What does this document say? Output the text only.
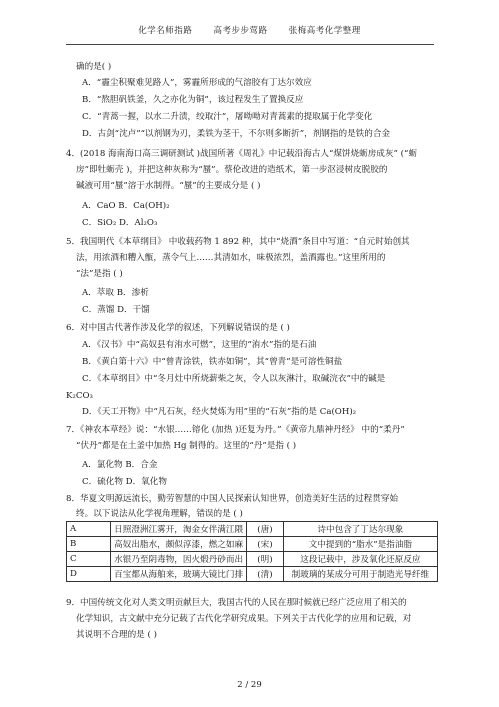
化学名师指路 高考步步莺路 张梅高考化学整理
确的是( )
A．“霾尘积聚难见路人”，雾霾所形成的气溶胶有丁达尔效应
B．“熬胆矾铁釜，久之亦化为铜”，该过程发生了置换反应
C．“青蒿一握，以水二升渍，绞取汁”，屠呦呦对青蒿素的提取属于化学变化
D．古剑“沈卢”“以剂钢为刃，柔铁为茎干，不尔则多断折”，剂钢指的是铁的合金
4．(2018 海南海口高三调研测试 )战国所著《周礼》中记载沿海古人“煤饼烧蛎房成灰” (“蛎
房”即牡蛎壳 )，并把这种灰称为“蜃”。蔡伦改进的造纸术，第一步沤浸树皮脱胶的
碱液可用“蜃”溶于水制得。“蜃”的主要成分是 ( )
A．CaO B．Ca(OH)₂
C．SiO₂ D．Al₂O₃
5．我国明代《本草纲目》 中收载药物 1 892 种，其中“烧酒”条目中写道：“自元时始创其
法，用浓酒和糟入甑，蒸令气上……其清如水，味极浓烈，盖酒露也。”这里所用的
“法”是指 ( )
A．萃取 B．渗析
C．蒸馏 D．干馏
6．对中国古代著作涉及化学的叙述，下列解说错误的是 ( )
A．《汉书》中“高奴县有洧水可燃”，这里的“洧水”指的是石油
B．《黄白第十六》中“曾青涂铁，铁赤如铜”，其“曾青”是可溶性铜盐
C．《本草纲目》中“冬月灶中所烧薪柴之灰，令人以灰淋汁，取碱浣衣”中的碱是
K₂CO₃
D．《天工开物》中“凡石灰，经火焚炼为用”里的“石灰”指的是 Ca(OH)₂
7．《神农本草经》说：“水银……镕化 (加热 )还复为丹。”《黄帝九鼎神丹经》 中的“柔丹”
“伏丹”都是在土釜中加热 Hg 制得的。这里的“丹”是指 ( )
A．氯化物 B．合金
C．硫化物 D．氧化物
8．华夏文明源远流长，勤劳智慧的中国人民探索认知世界，创造美好生活的过程贯穿始
终。以下说法从化学视角理解，错误的是 ( )
A	日照澄洲江雾开，淘金女伴满江隈	(唐)	诗中包含了丁达尔现象
B	高奴出脂水，颇似淳漆，燃之如麻	(宋)	文中提到的“脂水”是指油脂
C	水银乃至阴毒物，因火煅丹砂而出	(明)	这段记载中，涉及氧化还原反应
D	百宝都从海舶来，玻璃大镜比门排	(清)	制玻璃的某成分可用于制造光导纤维
9．中国传统文化对人类文明贡献巨大，我国古代的人民在那时候就已经广泛应用了相关的
化学知识，古文献中充分记载了古代化学研究成果。下列关于古代化学的应用和记载，对
其说明不合理的是 ( )
2 / 29
